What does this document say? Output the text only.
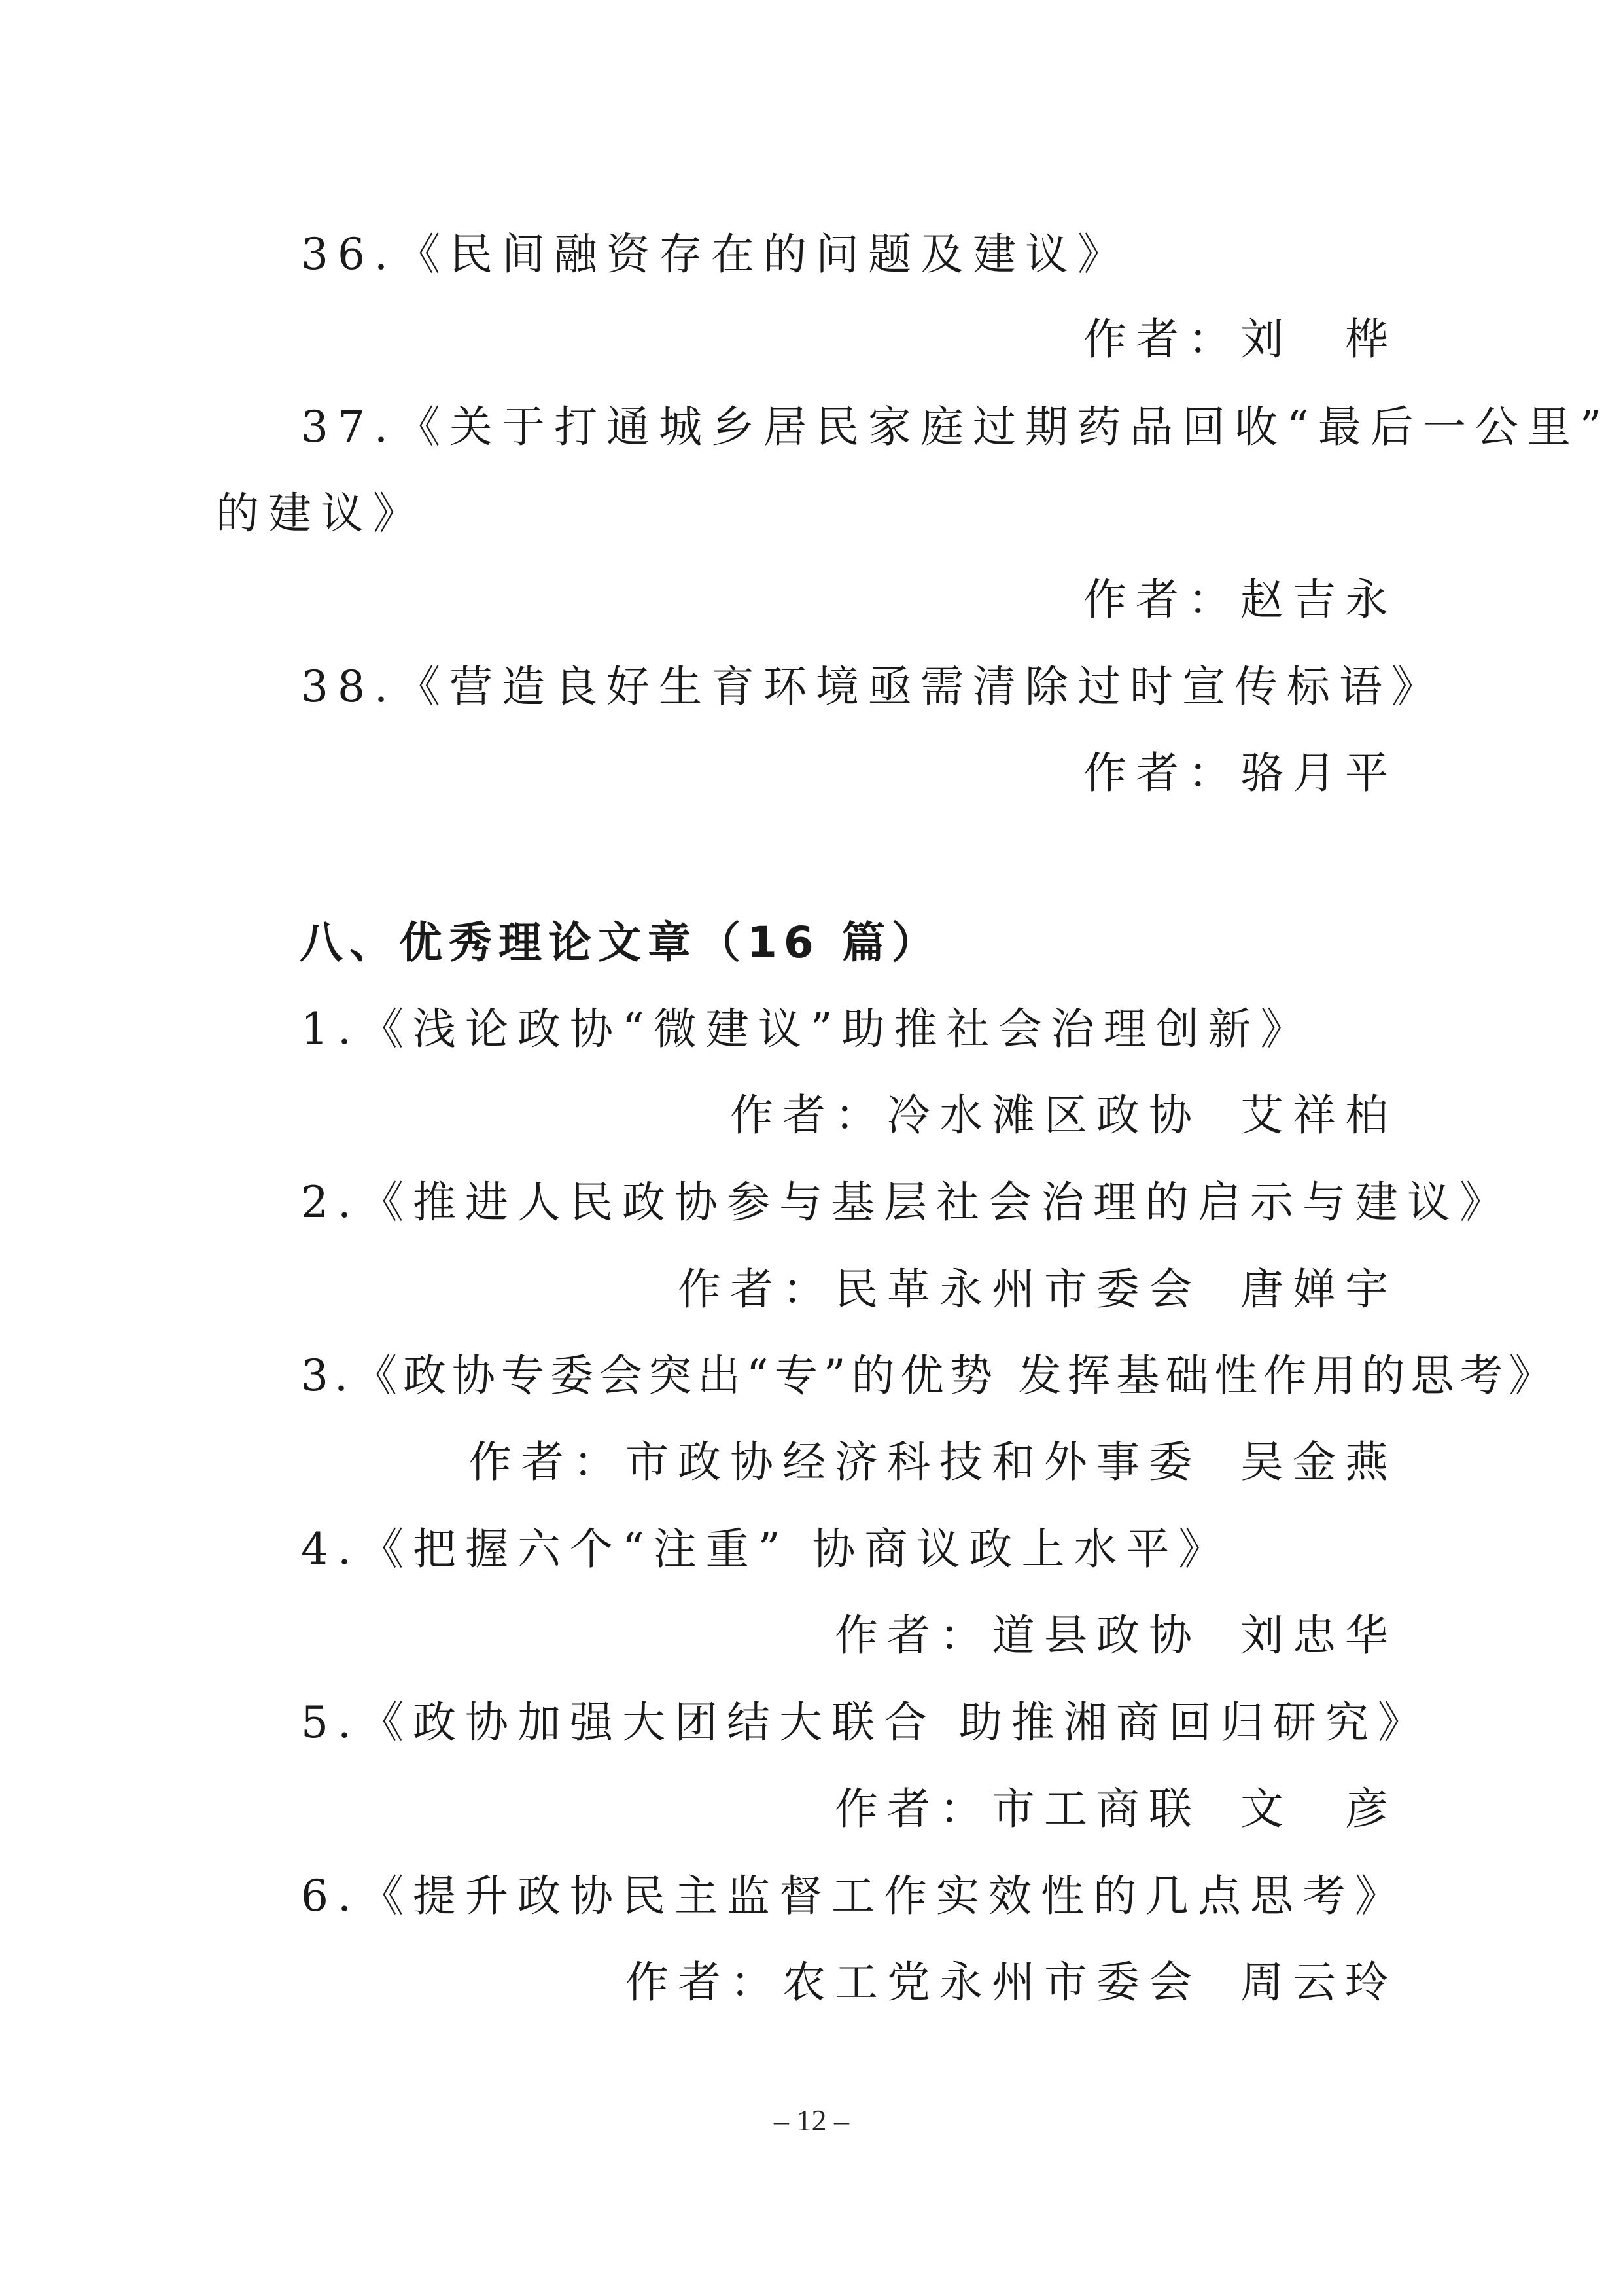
36.《民间融资存在的问题及建议》
作者：刘　桦
37.《关于打通城乡居民家庭过期药品回收“最后一公里”
的建议》
作者：赵吉永
38.《营造良好生育环境亟需清除过时宣传标语》
作者：骆月平
八、优秀理论文章（16 篇）
1.《浅论政协“微建议”助推社会治理创新》
作者：冷水滩区政协 艾祥柏
2.《推进人民政协参与基层社会治理的启示与建议》
作者：民革永州市委会 唐婵宇
3.《政协专委会突出“专”的优势 发挥基础性作用的思考》
作者：市政协经济科技和外事委 吴金燕
4.《把握六个“注重” 协商议政上水平》
作者：道县政协 刘忠华
5.《政协加强大团结大联合 助推湘商回归研究》
作者：市工商联 文　彦
6.《提升政协民主监督工作实效性的几点思考》
作者：农工党永州市委会 周云玲
– 12 –
